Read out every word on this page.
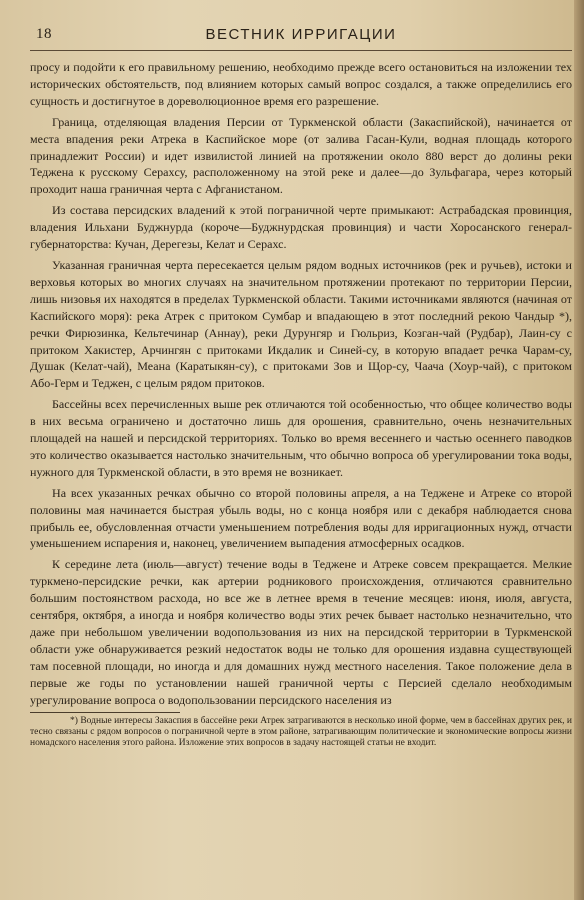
18	ВЕСТНИК ИРРИГАЦИИ

просу и подойти к его правильному решению, необходимо прежде всего остановиться на изложении тех исторических обстоятельств, под влиянием которых самый вопрос создался, а также определились его сущность и достигнутое в дореволюционное время его разрешение.

Граница, отделяющая владения Персии от Туркменской области (Закаспийской), начинается от места впадения реки Атрека в Каспийское море (от залива Гасан-Кули, водная площадь которого принадлежит России) и идет извилистой линией на протяжении около 880 верст до долины реки Теджена к русскому Сераxсу, расположенному на этой реке и далее—до Зульфагара, через который проходит наша граничная черта с Афганистаном.

Из состава персидских владений к этой пограничной черте примыкают: Астрабадская провинция, владения Ильхани Буджнурда (короче—Буджнурдская провинция) и части Хоросанского генерал-губернаторства: Кучан, Дерегезы, Келат и Серахс.

Указанная граничная черта пересекается целым рядом водных источников (рек и ручьев), истоки и верховья которых во многих случаях на значительном протяжении протекают по территории Персии, лишь низовья их находятся в пределах Туркменской области. Такими источниками являются (начиная от Каспийского моря): река Атрек с притоком Сумбар и впадающею в этот последний рекою Чандыр *), речки Фирюзинка, Кельтечинар (Аннау), реки Дурунгяр и Гюльриз, Козган-чай (Рудбар), Лаин-су с притоком Хакистер, Арчингян с притоками Икдалик и Синей-су, в которую впадает речка Чарам-су, Душак (Келат-чай), Меана (Каратыкян-су), с притоками Зов и Щор-су, Чаача (Хоур-чай), с притоком Або-Герм и Теджен, с целым рядом притоков.

Бассейны всех перечисленных выше рек отличаются той особенностью, что общее количество воды в них весьма ограничено и достаточно лишь для орошения, сравнительно, очень незначительных площадей на нашей и персидской территориях. Только во время весеннего и частью осеннего паводков это количество оказывается настолько значительным, что обычно вопроса об урегулировании тока воды, нужного для Туркменской области, в это время не возникает.

На всех указанных речках обычно со второй половины апреля, а на Теджене и Атреке со второй половины мая начинается быстрая убыль воды, но с конца ноября или с декабря наблюдается снова прибыль ее, обусловленная отчасти уменьшением потребления воды для ирригационных нужд, отчасти уменьшением испарения и, наконец, увеличением выпадения атмосферных осадков.

К середине лета (июль—август) течение воды в Теджене и Атреке совсем прекращается. Мелкие туркмено-персидские речки, как артерии родникового происхождения, отличаются сравнительно большим постоянством расхода, но все же в летнее время в течение месяцев: июня, июля, августа, сентября, октября, а иногда и ноября количество воды этих речек бывает настолько незначительно, что даже при небольшом увеличении водопользования из них на персидской территории в Туркменской области уже обнаруживается резкий недостаток воды не только для орошения издавна существующей там посевной площади, но иногда и для домашних нужд местного населения. Такое положение дела в первые же годы по установлении нашей граничной черты с Персией сделало необходимым урегулирование вопроса о водопользовании персидского населения из

*) Водные интересы Закаспия в бассейне реки Атрек затрагиваются в несколько иной форме, чем в бассейнах других рек, и тесно связаны с рядом вопросов о пограничной черте в этом районе, затрагивающим политические и экономические вопросы жизни номадского населения этого района. Изложение этих вопросов в задачу настоящей статьи не входит.
